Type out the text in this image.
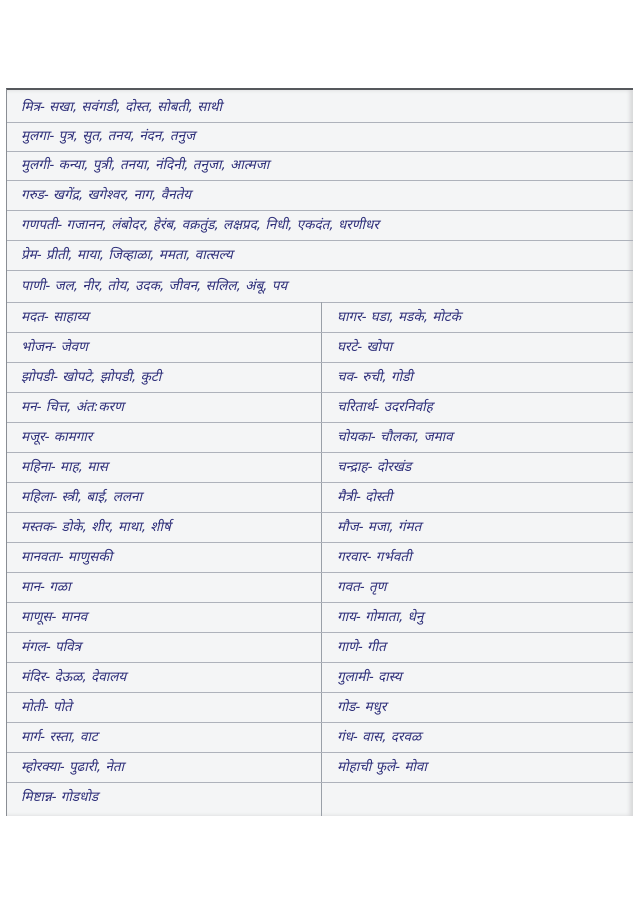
मित्र- सखा, सवंगडी, दोस्त, सोबती, साथी
मुलगा- पुत्र, सुत, तनय, नंदन, तनुज
मुलगी- कन्या, पुत्री, तनया, नंदिनी, तनुजा, आत्मजा
गरुड- खगेंद्र, खगेश्वर, नाग, वैनतेय
गणपती- गजानन, लंबोदर, हेरंब, वक्रतुंड, लक्षप्रद, निधी, एकदंत, धरणीधर
प्रेम- प्रीती, माया, जिव्हाळा, ममता, वात्सल्य
पाणी- जल, नीर, तोय, उदक, जीवन, सलिल, अंबू, पय
मदत- साहाय्य	घागर- घडा, मडके, मोटके
भोजन- जेवण	घरटे- खोपा
झोपडी- खोपटे, झोपडी, कुटी	चव- रुची, गोडी
मन- चित्त, अंत:करण	चरितार्थ- उदरनिर्वाह
मजूर- कामगार	चोयका- चौलका, जमाव
महिना- माह, मास	चन्द्राह- दोरखंड
महिला- स्त्री, बाई, ललना	मैत्री- दोस्ती
मस्तक- डोके, शीर, माथा, शीर्ष	मौज- मजा, गंमत
मानवता- माणुसकी	गरवार- गर्भवती
मान- गळा	गवत- तृण
माणूस- मानव	गाय- गोमाता, धेनु
मंगल- पवित्र	गाणे- गीत
मंदिर- देऊळ, देवालय	गुलामी- दास्य
मोती- पोते	गोड- मधुर
मार्ग- रस्ता, वाट	गंध- वास, दरवळ
म्होरक्या- पुढारी, नेता	मोहाची फुले- मोवा
मिष्टान्न- गोडधोड
